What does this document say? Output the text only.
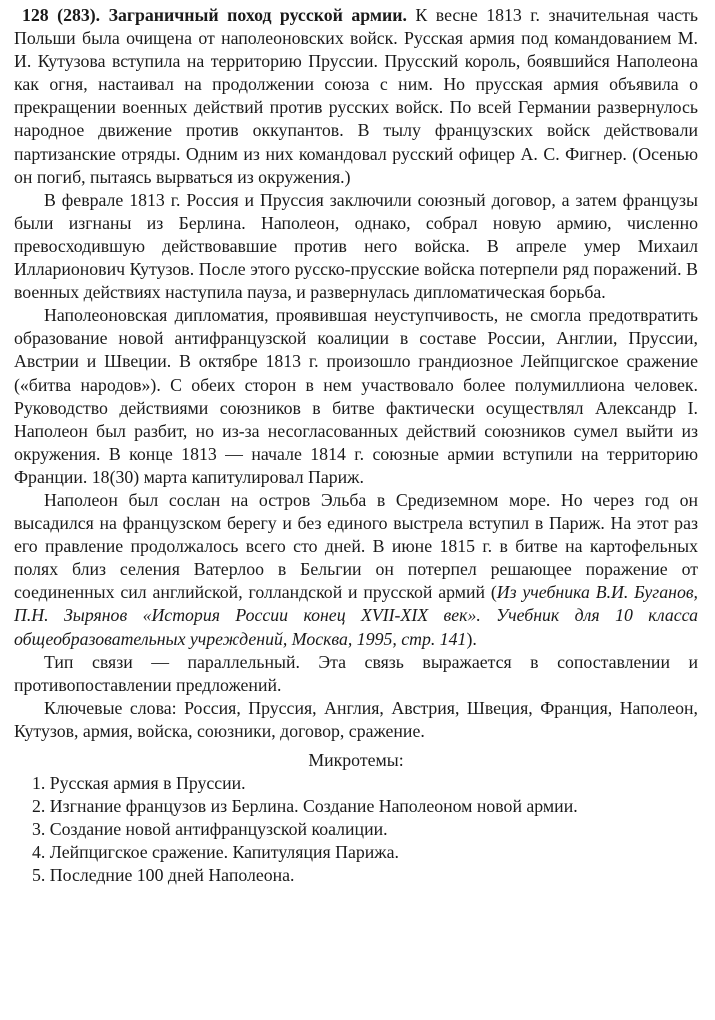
128 (283). Заграничный поход русской армии. К весне 1813 г. значительная часть Польши была очищена от наполеоновских войск. Русская армия под командованием М. И. Кутузова вступила на территорию Пруссии. Прусский король, боявшийся Наполеона как огня, настаивал на продолжении союза с ним. Но прусская армия объявила о прекращении военных действий против русских войск. По всей Германии развернулось народное движение против оккупантов. В тылу французских войск действовали партизанские отряды. Одним из них командовал русский офицер А. С. Фигнер. (Осенью он погиб, пытаясь вырваться из окружения.)

В феврале 1813 г. Россия и Пруссия заключили союзный договор, а затем французы были изгнаны из Берлина. Наполеон, однако, собрал новую армию, численно превосходившую действовавшие против него войска. В апреле умер Михаил Илларионович Кутузов. После этого русско-прусские войска потерпели ряд поражений. В военных действиях наступила пауза, и развернулась дипломатическая борьба.

Наполеоновская дипломатия, проявившая неуступчивость, не смогла предотвратить образование новой антифранцузской коалиции в составе России, Англии, Пруссии, Австрии и Швеции. В октябре 1813 г. произошло грандиозное Лейпцигское сражение («битва народов»). С обеих сторон в нем участвовало более полумиллиона человек. Руководство действиями союзников в битве фактически осуществлял Александр I. Наполеон был разбит, но из-за несогласованных действий союзников сумел выйти из окружения. В конце 1813 — начале 1814 г. союзные армии вступили на территорию Франции. 18(30) марта капитулировал Париж.

Наполеон был сослан на остров Эльба в Средиземном море. Но через год он высадился на французском берегу и без единого выстрела вступил в Париж. На этот раз его правление продолжалось всего сто дней. В июне 1815 г. в битве на картофельных полях близ селения Ватерлоо в Бельгии он потерпел решающее поражение от соединенных сил английской, голландской и прусской армий (Из учебника В.И. Буганов, П.Н. Зырянов «История России конец XVII-XIX век». Учебник для 10 класса общеобразовательных учреждений, Москва, 1995, стр. 141).

Тип связи — параллельный. Эта связь выражается в сопоставлении и противопоставлении предложений.

Ключевые слова: Россия, Пруссия, Англия, Австрия, Швеция, Франция, Наполеон, Кутузов, армия, войска, союзники, договор, сражение.

Микротемы:
1. Русская армия в Пруссии.
2. Изгнание французов из Берлина. Создание Наполеоном новой армии.
3. Создание новой антифранцузской коалиции.
4. Лейпцигское сражение. Капитуляция Парижа.
5. Последние 100 дней Наполеона.
